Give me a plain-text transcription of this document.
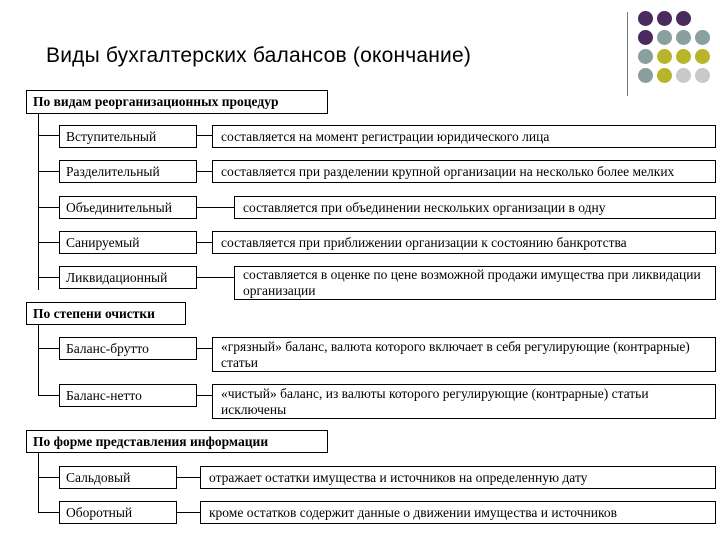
Виды бухгалтерских балансов (окончание)
По видам реорганизационных процедур
Вступительный	составляется на момент регистрации юридического лица
Разделительный	составляется при разделении крупной организации на несколько более мелких
Объединительный	составляется при объединении нескольких организации в одну
Санируемый	составляется при приближении организации к состоянию банкротства
Ликвидационный	составляется в оценке по цене возможной продажи имущества при ликвидации организации
По степени очистки
Баланс-брутто	«грязный» баланс, валюта которого включает в себя регулирующие (контрарные) статьи
Баланс-нетто	«чистый» баланс, из валюты которого регулирующие (контрарные) статьи исключены
По форме представления информации
Сальдовый	отражает остатки имущества и источников на определенную дату
Оборотный	кроме остатков содержит данные о движении имущества и источников
